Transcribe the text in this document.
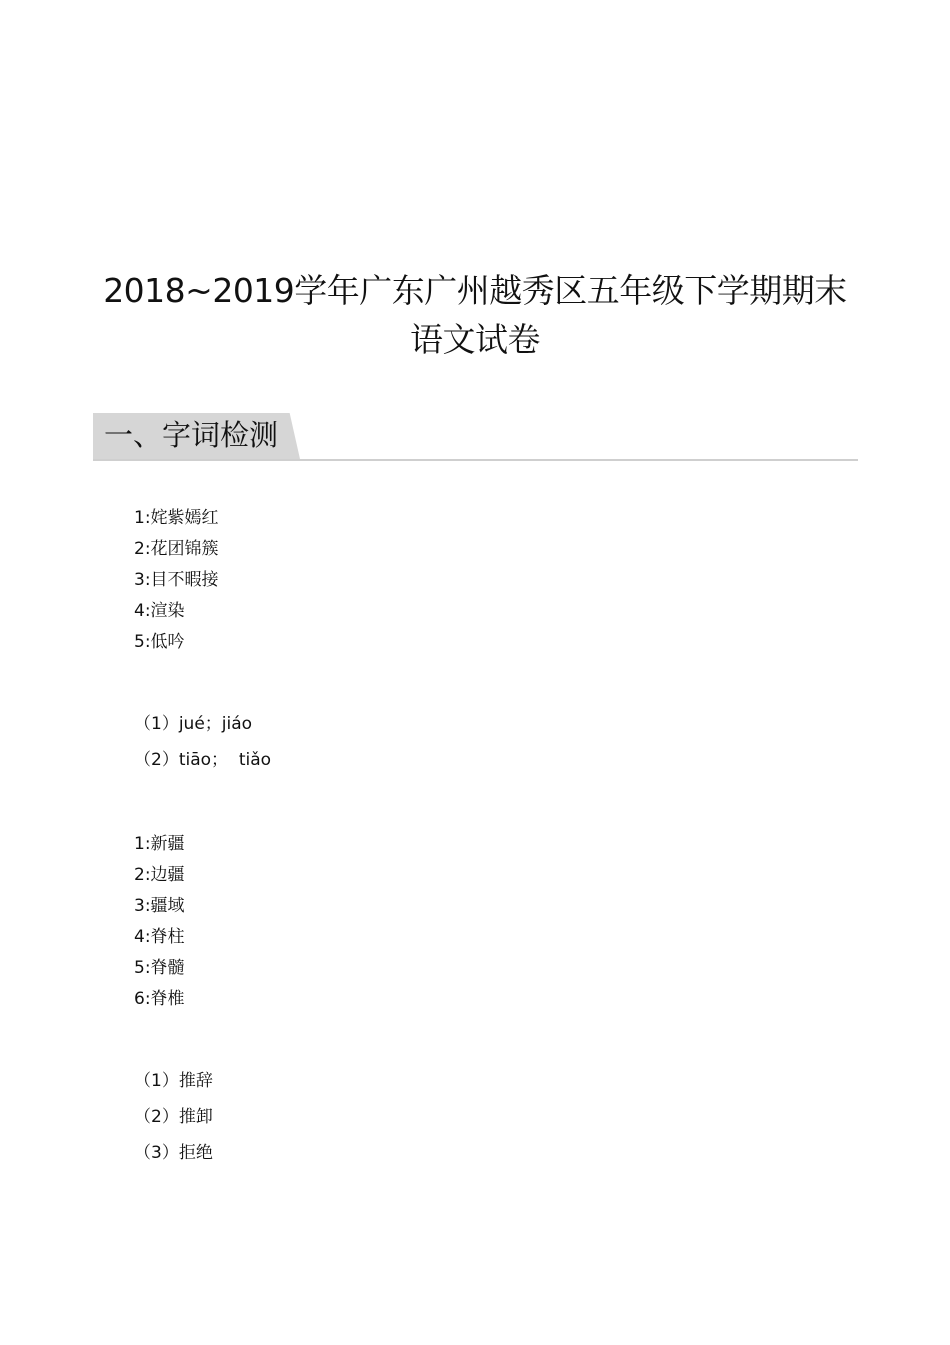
2018~2019学年广东广州越秀区五年级下学期期末
语文试卷
一、字词检测
1:姹紫嫣红
2:花团锦簇
3:目不暇接
4:渲染
5:低吟
（1）jué；jiáo
（2）tiāo；  tiǎo
1:新疆
2:边疆
3:疆域
4:脊柱
5:脊髓
6:脊椎
（1）推辞
（2）推卸
（3）拒绝
